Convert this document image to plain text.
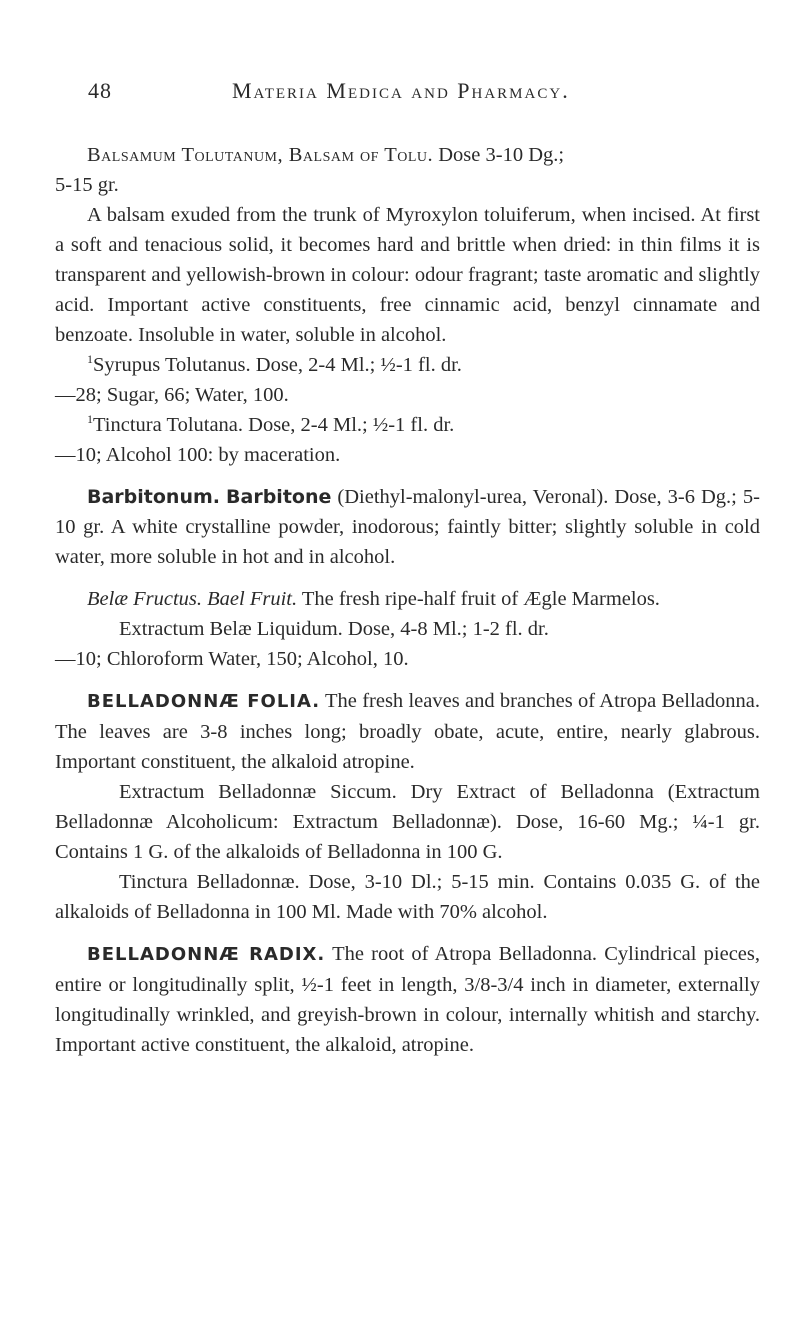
48	Materia Medica and Pharmacy.

Balsamum Tolutanum, Balsam of Tolu. Dose 3-10 Dg.;

5-15 gr.

A balsam exuded from the trunk of Myroxylon toluiferum, when incised. At first a soft and tenacious solid, it becomes hard and brittle when dried: in thin films it is transparent and yellowish-brown in colour: odour fragrant; taste aromatic and slightly acid. Important active constituents, free cinnamic acid, benzyl cinnamate and benzoate. Insoluble in water, soluble in alcohol.

$^1$Syrupus Tolutanus. Dose, 2-4 Ml.; ½-1 fl. dr.

—28; Sugar, 66; Water, 100.

$^1$Tinctura Tolutana. Dose, 2-4 Ml.; ½-1 fl. dr.

—10; Alcohol 100: by maceration.

Barbitonum. Barbitone (Diethyl-malonyl-urea, Veronal). Dose, 3-6 Dg.; 5-10 gr. A white crystalline powder, inodorous; faintly bitter; slightly soluble in cold water, more soluble in hot and in alcohol.

Belæ Fructus. Bael Fruit. The fresh ripe-half fruit of Ægle Marmelos.

Extractum Belæ Liquidum. Dose, 4-8 Ml.; 1-2 fl. dr.

—10; Chloroform Water, 150; Alcohol, 10.

BELLADONNÆ FOLIA. The fresh leaves and branches of Atropa Belladonna. The leaves are 3-8 inches long; broadly obate, acute, entire, nearly glabrous. Important constituent, the alkaloid atropine.

Extractum Belladonnæ Siccum. Dry Extract of Belladonna (Extractum Belladonnæ Alcoholicum: Extractum Belladonnæ). Dose, 16-60 Mg.; ¼-1 gr. Contains 1 G. of the alkaloids of Belladonna in 100 G.

Tinctura Belladonnæ. Dose, 3-10 Dl.; 5-15 min. Contains 0.035 G. of the alkaloids of Belladonna in 100 Ml. Made with 70% alcohol.

BELLADONNÆ RADIX. The root of Atropa Belladonna. Cylindrical pieces, entire or longitudinally split, ½-1 feet in length, 3/8-3/4 inch in diameter, externally longitudinally wrinkled, and greyish-brown in colour, internally whitish and starchy. Important active constituent, the alkaloid, atropine.
